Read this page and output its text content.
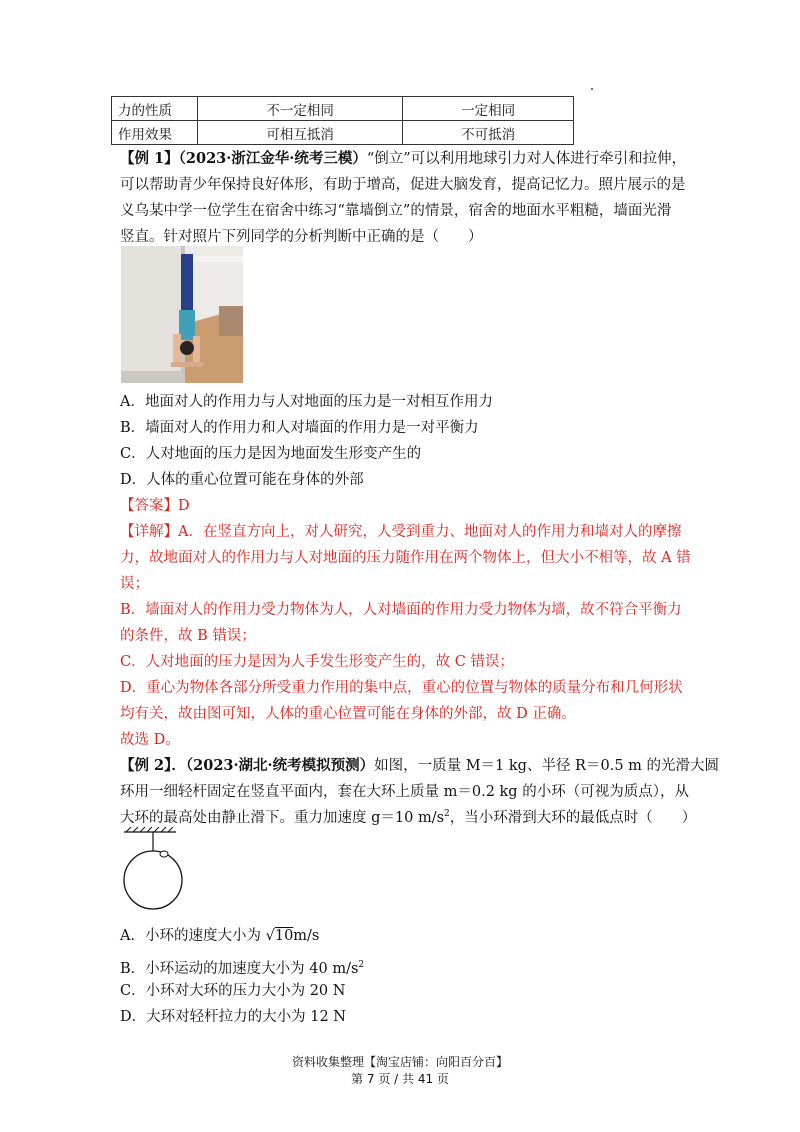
力的性质	不一定相同	一定相同
作用效果	可相互抵消	不可抵消
【例 1】（2023·浙江金华·统考三模）“倒立”可以利用地球引力对人体进行牵引和拉伸，
可以帮助青少年保持良好体形，有助于增高，促进大脑发育，提高记忆力。照片展示的是
义乌某中学一位学生在宿舍中练习“靠墙倒立”的情景，宿舍的地面水平粗糙，墙面光滑
竖直。针对照片下列同学的分析判断中正确的是（　　）
A．地面对人的作用力与人对地面的压力是一对相互作用力
B．墙面对人的作用力和人对墙面的作用力是一对平衡力
C．人对地面的压力是因为地面发生形变产生的
D．人体的重心位置可能在身体的外部
【答案】D
【详解】A．在竖直方向上，对人研究，人受到重力、地面对人的作用力和墙对人的摩擦
力，故地面对人的作用力与人对地面的压力随作用在两个物体上，但大小不相等，故 A 错
误；
B．墙面对人的作用力受力物体为人，人对墙面的作用力受力物体为墙，故不符合平衡力
的条件，故 B 错误；
C．人对地面的压力是因为人手发生形变产生的，故 C 错误；
D．重心为物体各部分所受重力作用的集中点，重心的位置与物体的质量分布和几何形状
均有关，故由图可知，人体的重心位置可能在身体的外部，故 D 正确。
故选 D。
【例 2】．（2023·湖北·统考模拟预测）如图，一质量 M＝1 kg、半径 R＝0.5 m 的光滑大圆
环用一细轻杆固定在竖直平面内，套在大环上质量 m＝0.2 kg 的小环（可视为质点），从
大环的最高处由静止滑下。重力加速度 g＝10 $m/s^2$，当小环滑到大环的最低点时（　　）
A．小环的速度大小为 √10m/s
B．小环运动的加速度大小为 40 $m/s^2$
C．小环对大环的压力大小为 20 N
D．大环对轻杆拉力的大小为 12 N
资料收集整理【淘宝店铺：向阳百分百】
第 7 页 / 共 41 页
